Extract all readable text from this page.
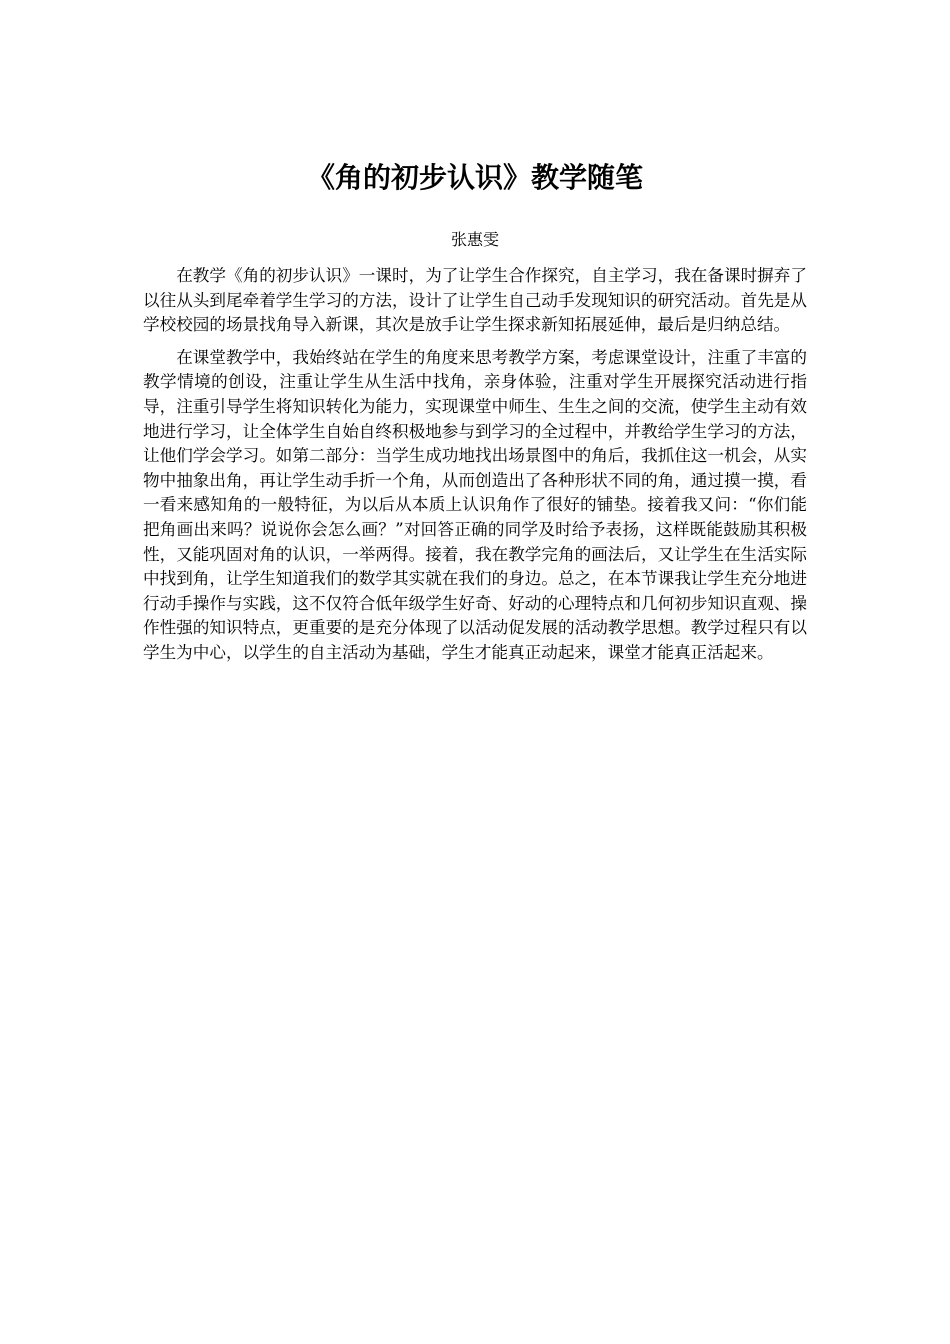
《角的初步认识》教学随笔

张惠雯

在教学《角的初步认识》一课时，为了让学生合作探究，自主学习，我在备课时摒弃了以往从头到尾牵着学生学习的方法，设计了让学生自己动手发现知识的研究活动。首先是从学校校园的场景找角导入新课，其次是放手让学生探求新知拓展延伸，最后是归纳总结。

在课堂教学中，我始终站在学生的角度来思考教学方案，考虑课堂设计，注重了丰富的教学情境的创设，注重让学生从生活中找角，亲身体验，注重对学生开展探究活动进行指导，注重引导学生将知识转化为能力，实现课堂中师生、生生之间的交流，使学生主动有效地进行学习，让全体学生自始自终积极地参与到学习的全过程中，并教给学生学习的方法，让他们学会学习。如第二部分：当学生成功地找出场景图中的角后，我抓住这一机会，从实物中抽象出角，再让学生动手折一个角，从而创造出了各种形状不同的角，通过摸一摸，看一看来感知角的一般特征，为以后从本质上认识角作了很好的铺垫。接着我又问：“你们能把角画出来吗？说说你会怎么画？”对回答正确的同学及时给予表扬，这样既能鼓励其积极性，又能巩固对角的认识，一举两得。接着，我在教学完角的画法后，又让学生在生活实际中找到角，让学生知道我们的数学其实就在我们的身边。总之，在本节课我让学生充分地进行动手操作与实践，这不仅符合低年级学生好奇、好动的心理特点和几何初步知识直观、操作性强的知识特点，更重要的是充分体现了以活动促发展的活动教学思想。教学过程只有以学生为中心，以学生的自主活动为基础，学生才能真正动起来，课堂才能真正活起来。
